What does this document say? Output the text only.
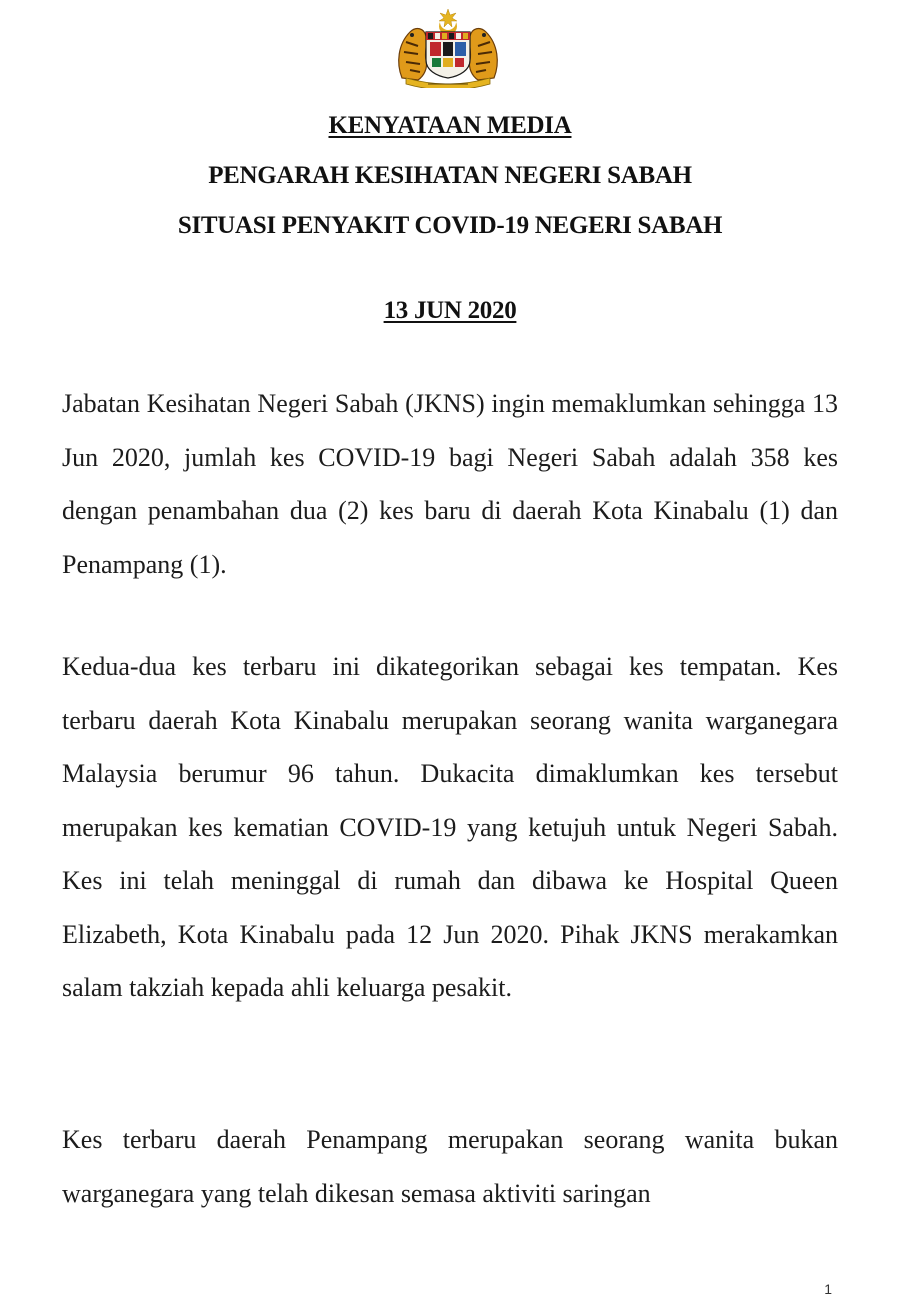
KENYATAAN MEDIA
PENGARAH KESIHATAN NEGERI SABAH
SITUASI PENYAKIT COVID-19 NEGERI SABAH
13 JUN 2020

Jabatan Kesihatan Negeri Sabah (JKNS) ingin memaklumkan sehingga 13 Jun 2020, jumlah kes COVID-19 bagi Negeri Sabah adalah 358 kes dengan penambahan dua (2) kes baru di daerah Kota Kinabalu (1) dan Penampang (1).

Kedua-dua kes terbaru ini dikategorikan sebagai kes tempatan. Kes terbaru daerah Kota Kinabalu merupakan seorang wanita warganegara Malaysia berumur 96 tahun. Dukacita dimaklumkan kes tersebut merupakan kes kematian COVID-19 yang ketujuh untuk Negeri Sabah. Kes ini telah meninggal di rumah dan dibawa ke Hospital Queen Elizabeth, Kota Kinabalu pada 12 Jun 2020. Pihak JKNS merakamkan salam takziah kepada ahli keluarga pesakit.

Kes terbaru daerah Penampang merupakan seorang wanita bukan warganegara yang telah dikesan semasa aktiviti saringan

1
